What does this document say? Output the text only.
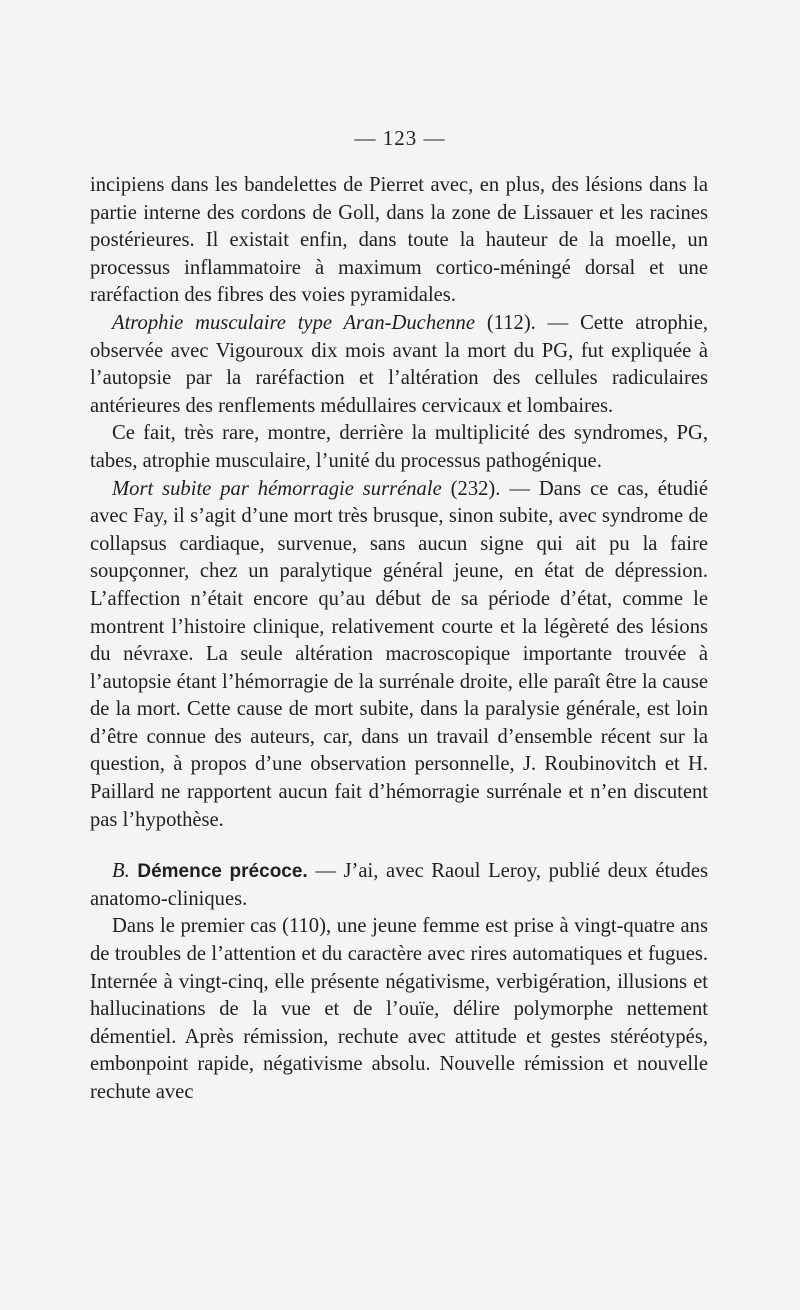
— 123 —

incipiens dans les bandelettes de Pierret avec, en plus, des lésions dans la partie interne des cordons de Goll, dans la zone de Lissauer et les racines postérieures. Il existait enfin, dans toute la hauteur de la moelle, un processus inflammatoire à maximum cortico-méningé dorsal et une raréfaction des fibres des voies pyramidales.

Atrophie musculaire type Aran-Duchenne (112). — Cette atrophie, observée avec Vigouroux dix mois avant la mort du PG, fut expliquée à l’autopsie par la raréfaction et l’altération des cellules radiculaires antérieures des renflements médullaires cervicaux et lombaires.

Ce fait, très rare, montre, derrière la multiplicité des syndromes, PG, tabes, atrophie musculaire, l’unité du processus pathogénique.

Mort subite par hémorragie surrénale (232). — Dans ce cas, étudié avec Fay, il s’agit d’une mort très brusque, sinon subite, avec syndrome de collapsus cardiaque, survenue, sans aucun signe qui ait pu la faire soupçonner, chez un paralytique général jeune, en état de dépression. L’affection n’était encore qu’au début de sa période d’état, comme le montrent l’histoire clinique, relativement courte et la légèreté des lésions du névraxe. La seule altération macroscopique importante trouvée à l’autopsie étant l’hémorragie de la surrénale droite, elle paraît être la cause de la mort. Cette cause de mort subite, dans la paralysie générale, est loin d’être connue des auteurs, car, dans un travail d’ensemble récent sur la question, à propos d’une observation personnelle, J. Roubinovitch et H. Paillard ne rapportent aucun fait d’hémorragie surrénale et n’en discutent pas l’hypothèse.

B. Démence précoce. — J’ai, avec Raoul Leroy, publié deux études anatomo-cliniques.

Dans le premier cas (110), une jeune femme est prise à vingt-quatre ans de troubles de l’attention et du caractère avec rires automatiques et fugues. Internée à vingt-cinq, elle présente négativisme, verbigération, illusions et hallucinations de la vue et de l’ouïe, délire polymorphe nettement démentiel. Après rémission, rechute avec attitude et gestes stéréotypés, embonpoint rapide, négativisme absolu. Nouvelle rémission et nouvelle rechute avec
